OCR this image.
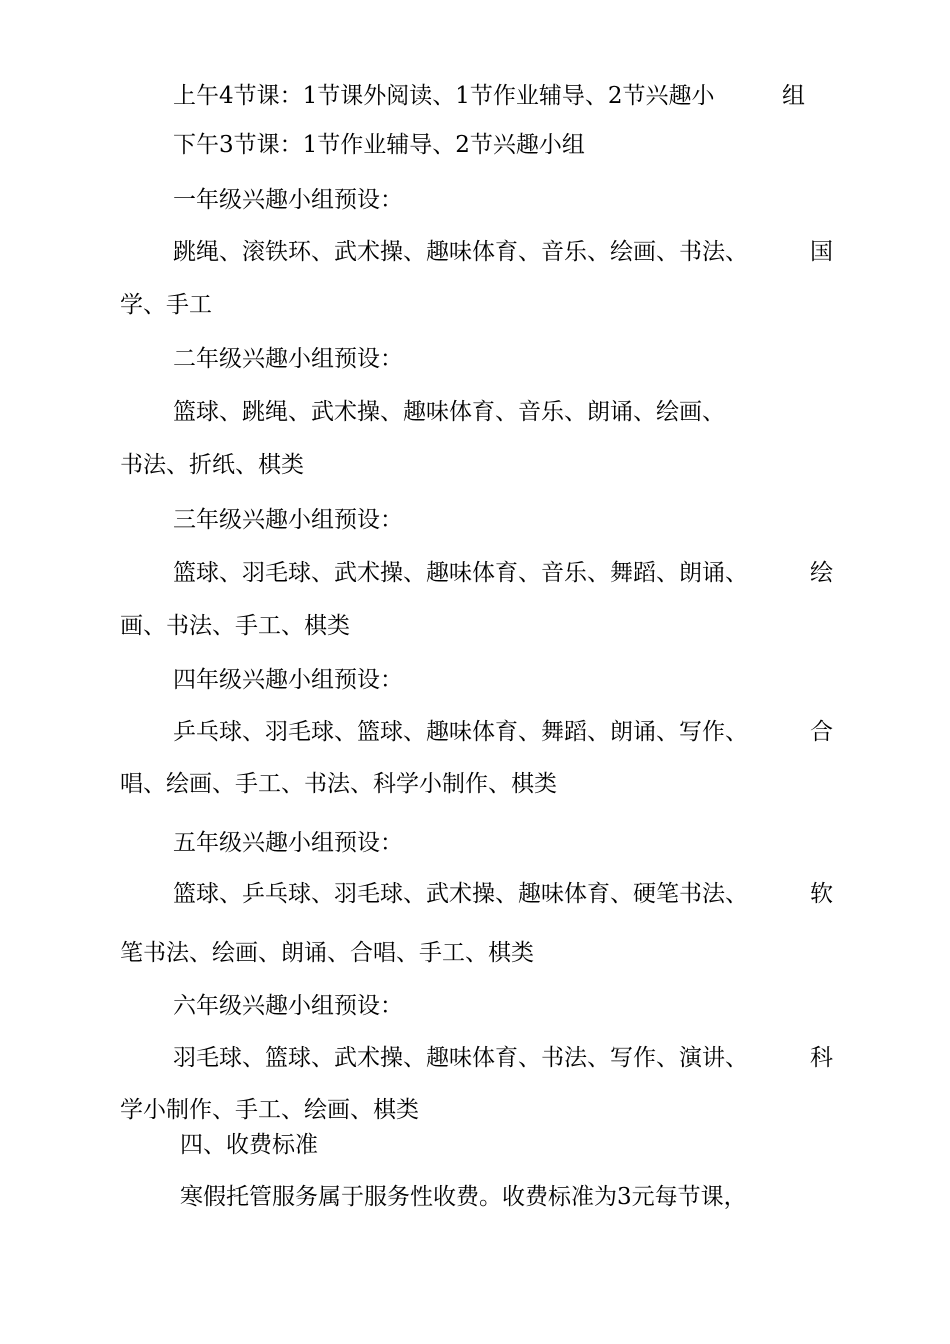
上午4节课：1节课外阅读、1节作业辅导、2节兴趣小	组

下午3节课：1节作业辅导、2节兴趣小组

一年级兴趣小组预设：

跳绳、滚铁环、武术操、趣味体育、音乐、绘画、书法、	国

学、手工

二年级兴趣小组预设：

篮球、跳绳、武术操、趣味体育、音乐、朗诵、绘画、

书法、折纸、棋类

三年级兴趣小组预设：

篮球、羽毛球、武术操、趣味体育、音乐、舞蹈、朗诵、	绘

画、书法、手工、棋类

四年级兴趣小组预设：

乒乓球、羽毛球、篮球、趣味体育、舞蹈、朗诵、写作、	合

唱、绘画、手工、书法、科学小制作、棋类

五年级兴趣小组预设：

篮球、乒乓球、羽毛球、武术操、趣味体育、硬笔书法、	软

笔书法、绘画、朗诵、合唱、手工、棋类

六年级兴趣小组预设：

羽毛球、篮球、武术操、趣味体育、书法、写作、演讲、	科

学小制作、手工、绘画、棋类

四、收费标准

寒假托管服务属于服务性收费。收费标准为3元每节课，
